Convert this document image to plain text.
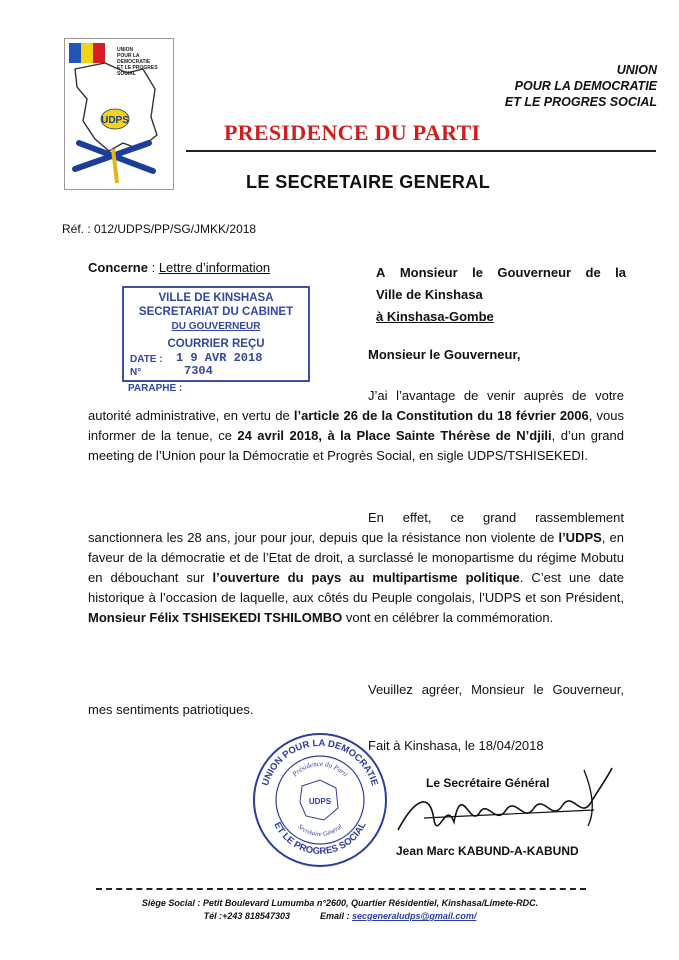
UDPS
UNION
POUR LA DEMOCRATIE
ET LE PROGRES SOCIAL	UNION
POUR LA DEMOCRATIE
ET LE PROGRES SOCIAL
PRESIDENCE DU PARTI
LE SECRETAIRE GENERAL
Réf. : 012/UDPS/PP/SG/JMKK/2018
Concerne : Lettre d’information	A Monsieur le Gouverneur de la
Ville de Kinshasa
à Kinshasa-Gombe
VILLE DE KINSHASA
SECRETARIAT DU CABINET
DU GOUVERNEUR
COURRIER REÇU
DATE : 1 9 AVR 2018
N°	7304
PARAPHE :
Monsieur le Gouverneur,
J’ai l’avantage de venir auprès de votre autorité administrative, en vertu de l’article 26 de la Constitution du 18 février 2006, vous informer de la tenue, ce 24 avril 2018, à la Place Sainte Thérèse de N’djili, d’un grand meeting de l’Union pour la Démocratie et Progrès Social, en sigle UDPS/TSHISEKEDI.
En effet, ce grand rassemblement sanctionnera les 28 ans, jour pour jour, depuis que la résistance non violente de l’UDPS, en faveur de la démocratie et de l’Etat de droit, a surclassé le monopartisme du régime Mobutu en débouchant sur l’ouverture du pays au multipartisme politique. C’est une date historique à l’occasion de laquelle, aux côtés du Peuple congolais, l’UDPS et son Président, Monsieur Félix TSHISEKEDI TSHILOMBO vont en célébrer la commémoration.
Veuillez agréer, Monsieur le Gouverneur, mes sentiments patriotiques.
Fait à Kinshasa, le 18/04/2018
Le Secrétaire Général
Jean Marc KABUND-A-KABUND
UNION POUR LA DEMOCRATIE
ET LE PROGRES SOCIAL
Présidence du Parti
Secrétaire Général
UDPS
Siège Social : Petit Boulevard Lumumba n°2600, Quartier Résidentiel, Kinshasa/Limete-RDC.
Tél :+243 818547303	Email : secgeneraludps@gmail.com/
